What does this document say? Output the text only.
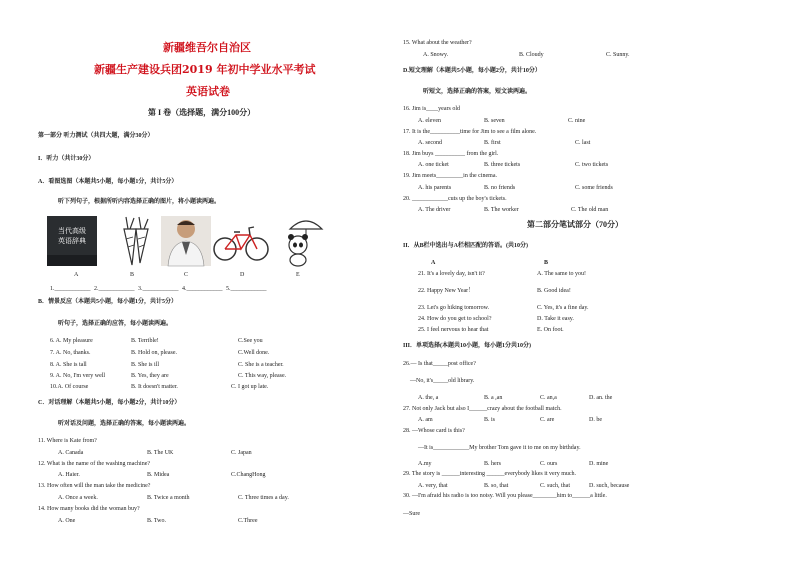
新疆维吾尔自治区
新疆生产建设兵团2019 年初中学业水平考试
英语试卷
第 I 卷（选择题，满分100分）
第一部分 听力测试（共四大题，满分30分）
I．听力（共计30分）
A．看图选图（本题共5小题，每小题1分，共计5分）
听下列句子，根据所听内容选择正确的图片，将小题读两遍。
当代高级
英语辞典
A	B	C	D	E
1.____________ 2.____________ 3.____________ 4.____________ 5.____________
B．情景反应（本题共5小题，每小题1分，共计5分）
听句子，选择正确的应答，每小题读两遍。
6. A. My pleasure	B. Terrible!	C.See you
7. A. No, thanks.	B. Hold on, please.	C.Well done.
8. A. She is tall	B. She is ill	C. She is a teacher.
9. A. No, I'm very well	B. Yes, they are	C. This way, please.
10.A. Of course	B. It doesn't matter.	C. I got up late.
C．对话理解（本题共5小题，每小题2分，共计10分）
听对话及问题，选择正确的答案，每小题读两遍。
11. Where is Kate from?
A. Canada	B. The UK	C. Japan
12. What is the name of the washing machine?
A. Haier.	B. Midea	C.ChangHong
13. How often will the man take the medicine?
A. Once a week.	B. Twice a month	C. Three times a day.
14. How many books did the woman buy?
A. One	B. Two.	C.Three
15. What about the weather?
A. Snowy.	B. Cloudy	C. Sunny.
D.短文理解（本题共5小题，每小题2分，共计10分）
听短文，选择正确的答案，短文读两遍。
16. Jim is____years old
A. eleven	B. seven	C. nine
17. It is the__________time for Jim to see a film alone.
A. second	B. first	C. last
18. Jim buys __________ from the girl.
A. one ticket	B. three tickets	C. two tickets
19. Jim meets_________in the cinema.
A. his parents	B. no friends	C. some friends
20. ____________cuts up the boy's tickets.
A. The driver	B. The worker	C. The old man
第二部分笔试部分（70分）
II．从B栏中选出与A栏相匹配的答语。(共10分)
A	B
21. It's a lovely day, isn't it?	A. The same to you!
22. Happy New Year！	B. Good idea!
23. Let's go hiking tomorrow.	C. Yes, it's a fine day.
24. How do you get to school?	D. Take it easy.
25. I feel nervous to hear that	E. On foot.
III．单项选择(本题共10小题，每小题1分共10分)
26.— Is that_____post office?
—No, it's_____old library.
A. the, a	B. a ,an	C. an,a	D. an. the
27. Not only Jack but also I______crazy about the football match.
A. am	B. is	C. are	D. be
28. —Whose card is this?
—It is____________My brother Tom gave it to me on my birthday.
A.my	B. hers	C. ours	D. mine
29. The story is ______interesting ______everybody likes it very much.
A. very, that	B. so, that	C. such, that	D. such, because
30. —I'm afraid his radio is too noisy. Will you please________him to______a little.
—Sure
